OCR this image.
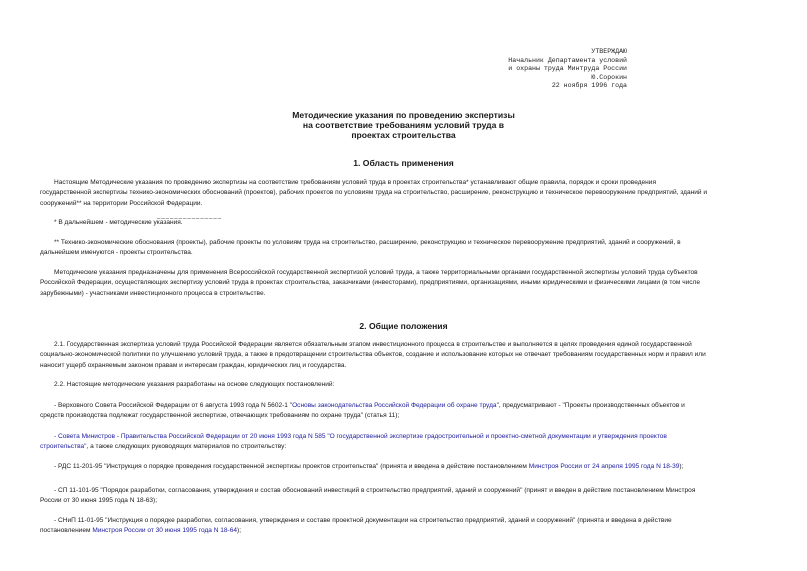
УТВЕРЖДАЮ
Начальник Департамента условий
и охраны труда Минтруда России
Ю.Сорокин
22 ноября 1996 года
Методические указания по проведению экспертизы
на соответствие требованиям условий труда в
проектах строительства
1. Область применения
Настоящие Методические указания по проведению экспертизы на соответствие требованиям условий труда в проектах строительства* устанавливают общие правила, порядок и сроки проведения
государственной экспертизы технико-экономических обоснований (проектов), рабочих проектов по условиям труда на строительство, расширение, реконструкцию и техническое перевооружение предприятий, зданий и
сооружений** на территории Российской Федерации.
_______________
* В дальнейшем - методические указания.
** Технико-экономические обоснования (проекты), рабочие проекты по условиям труда на строительство, расширение, реконструкцию и техническое перевооружение предприятий, зданий и сооружений, в
дальнейшем именуются - проекты строительства.
Методические указания предназначены для применения Всероссийской государственной экспертизой условий труда, а также территориальными органами государственной экспертизы условий труда субъектов
Российской Федерации, осуществляющих экспертизу условий труда в проектах строительства, заказчиками (инвесторами), предприятиями, организациями, иными юридическими и физическими лицами (в том числе
зарубежными) - участниками инвестиционного процесса в строительстве.
2. Общие положения
2.1. Государственная экспертиза условий труда Российской Федерации является обязательным этапом инвестиционного процесса в строительстве и выполняется в целях проведения единой государственной
социально-экономической политики по улучшению условий труда, а также в предотвращении строительства объектов, создание и использование которых не отвечает требованиям государственных норм и правил или
наносит ущерб охраняемым законом правам и интересам граждан, юридических лиц и государства.
2.2. Настоящие методические указания разработаны на основе следующих постановлений:
- Верховного Совета Российской Федерации от 6 августа 1993 года N 5602-1 "Основы законодательства Российской Федерации об охране труда", предусматривают - "Проекты производственных объектов и
средств производства подлежат государственной экспертизе, отвечающих требованиям по охране труда" (статья 11);
- Совета Министров - Правительства Российской Федерации от 20 июня 1993 года N 585 "О государственной экспертизе градостроительной и проектно-сметной документации и утверждения проектов
строительства", а также следующих руководящих материалов по строительству:
- РДС 11-201-95 "Инструкция о порядке проведения государственной экспертизы проектов строительства" (принята и введена в действие постановлением Минстроя России от 24 апреля 1995 года N 18-39);
- СП 11-101-95 "Порядок разработки, согласования, утверждения и состав обоснований инвестиций в строительство предприятий, зданий и сооружений" (принят и введен в действие постановлением Минстроя
России от 30 июня 1995 года N 18-63);
- СНиП 11-01-95 "Инструкция о порядке разработки, согласования, утверждения и составе проектной документации на строительство предприятий, зданий и сооружений" (принята и введена в действие
постановлением Минстроя России от 30 июня 1995 года N 18-64);
